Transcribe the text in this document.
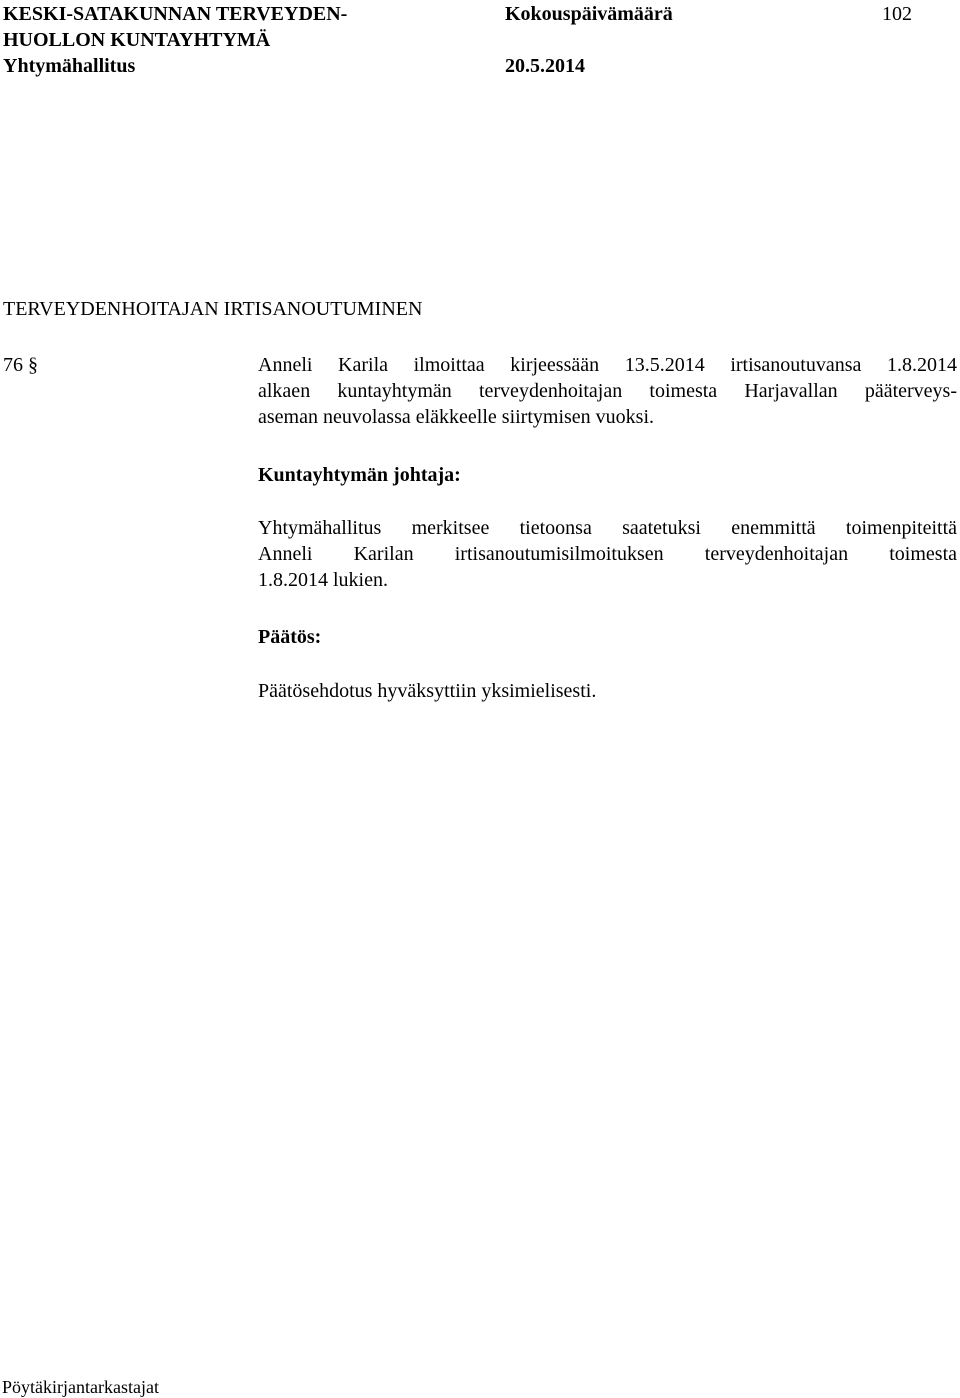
KESKI-SATAKUNNAN TERVEYDEN-
HUOLLON KUNTAYHTYMÄ
Yhtymähallitus
Kokouspäivämäärä
20.5.2014
102
TERVEYDENHOITAJAN IRTISANOUTUMINEN
76 §	Anneli Karila ilmoittaa kirjeessään 13.5.2014 irtisanoutuvansa 1.8.2014
alkaen kuntayhtymän terveydenhoitajan toimesta Harjavallan pääterveys-
aseman neuvolassa eläkkeelle siirtymisen vuoksi.
Kuntayhtymän johtaja:
Yhtymähallitus merkitsee tietoonsa saatetuksi enemmittä toimenpiteittä
Anneli Karilan irtisanoutumisilmoituksen terveydenhoitajan toimesta
1.8.2014 lukien.
Päätös:
Päätösehdotus hyväksyttiin yksimielisesti.
Pöytäkirjantarkastajat
